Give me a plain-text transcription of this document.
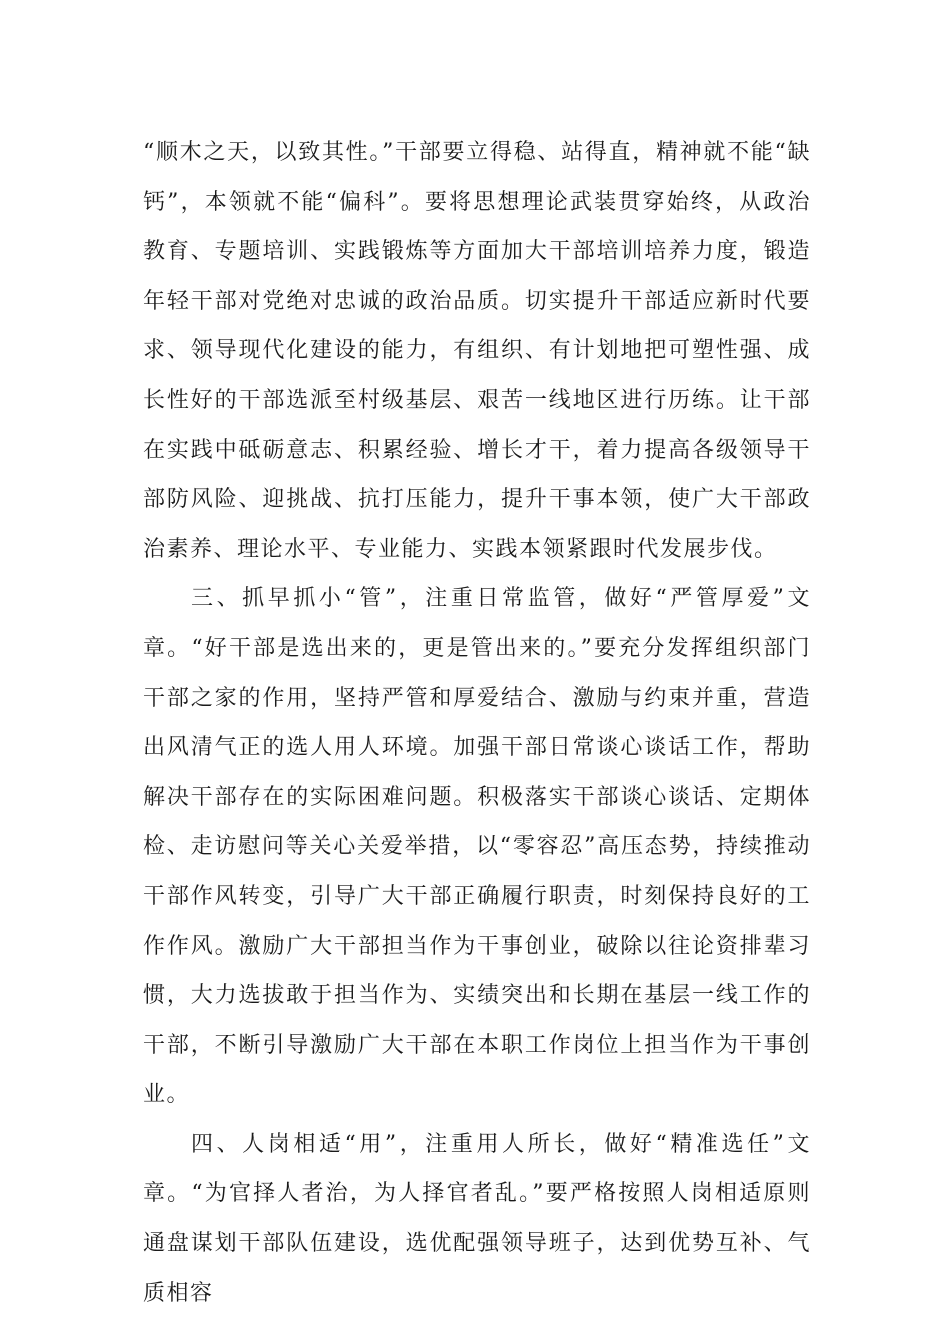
“顺木之天，以致其性。”干部要立得稳、站得直，精神就不能“缺钙”，本领就不能“偏科”。要将思想理论武装贯穿始终，从政治教育、专题培训、实践锻炼等方面加大干部培训培养力度，锻造年轻干部对党绝对忠诚的政治品质。切实提升干部适应新时代要求、领导现代化建设的能力，有组织、有计划地把可塑性强、成长性好的干部选派至村级基层、艰苦一线地区进行历练。让干部在实践中砥砺意志、积累经验、增长才干，着力提高各级领导干部防风险、迎挑战、抗打压能力，提升干事本领，使广大干部政治素养、理论水平、专业能力、实践本领紧跟时代发展步伐。

三、抓早抓小“管”，注重日常监管，做好“严管厚爱”文章。“好干部是选出来的，更是管出来的。”要充分发挥组织部门干部之家的作用，坚持严管和厚爱结合、激励与约束并重，营造出风清气正的选人用人环境。加强干部日常谈心谈话工作，帮助解决干部存在的实际困难问题。积极落实干部谈心谈话、定期体检、走访慰问等关心关爱举措，以“零容忍”高压态势，持续推动干部作风转变，引导广大干部正确履行职责，时刻保持良好的工作作风。激励广大干部担当作为干事创业，破除以往论资排辈习惯，大力选拔敢于担当作为、实绩突出和长期在基层一线工作的干部，不断引导激励广大干部在本职工作岗位上担当作为干事创业。

四、人岗相适“用”，注重用人所长，做好“精准选任”文章。“为官择人者治，为人择官者乱。”要严格按照人岗相适原则通盘谋划干部队伍建设，选优配强领导班子，达到优势互补、气质相容
